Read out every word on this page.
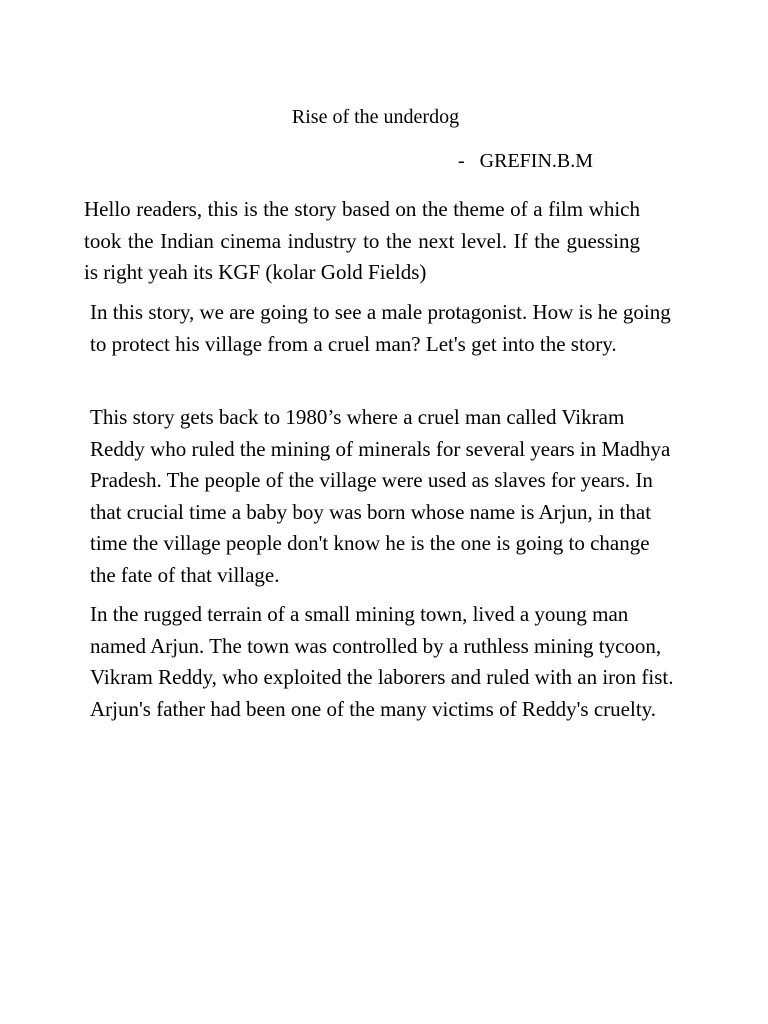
Rise of the underdog

- GREFIN.B.M

Hello readers, this is the story based on the theme of a film which took the Indian cinema industry to the next level. If the guessing is right yeah its KGF (kolar Gold Fields)

In this story, we are going to see a male protagonist. How is he going to protect his village from a cruel man? Let's get into the story.

This story gets back to 1980’s where a cruel man called Vikram Reddy who ruled the mining of minerals for several years in Madhya Pradesh. The people of the village were used as slaves for years. In that crucial time a baby boy was born whose name is Arjun, in that time the village people don't know he is the one is going to change the fate of that village.

In the rugged terrain of a small mining town, lived a young man named Arjun. The town was controlled by a ruthless mining tycoon, Vikram Reddy, who exploited the laborers and ruled with an iron fist. Arjun's father had been one of the many victims of Reddy's cruelty.
